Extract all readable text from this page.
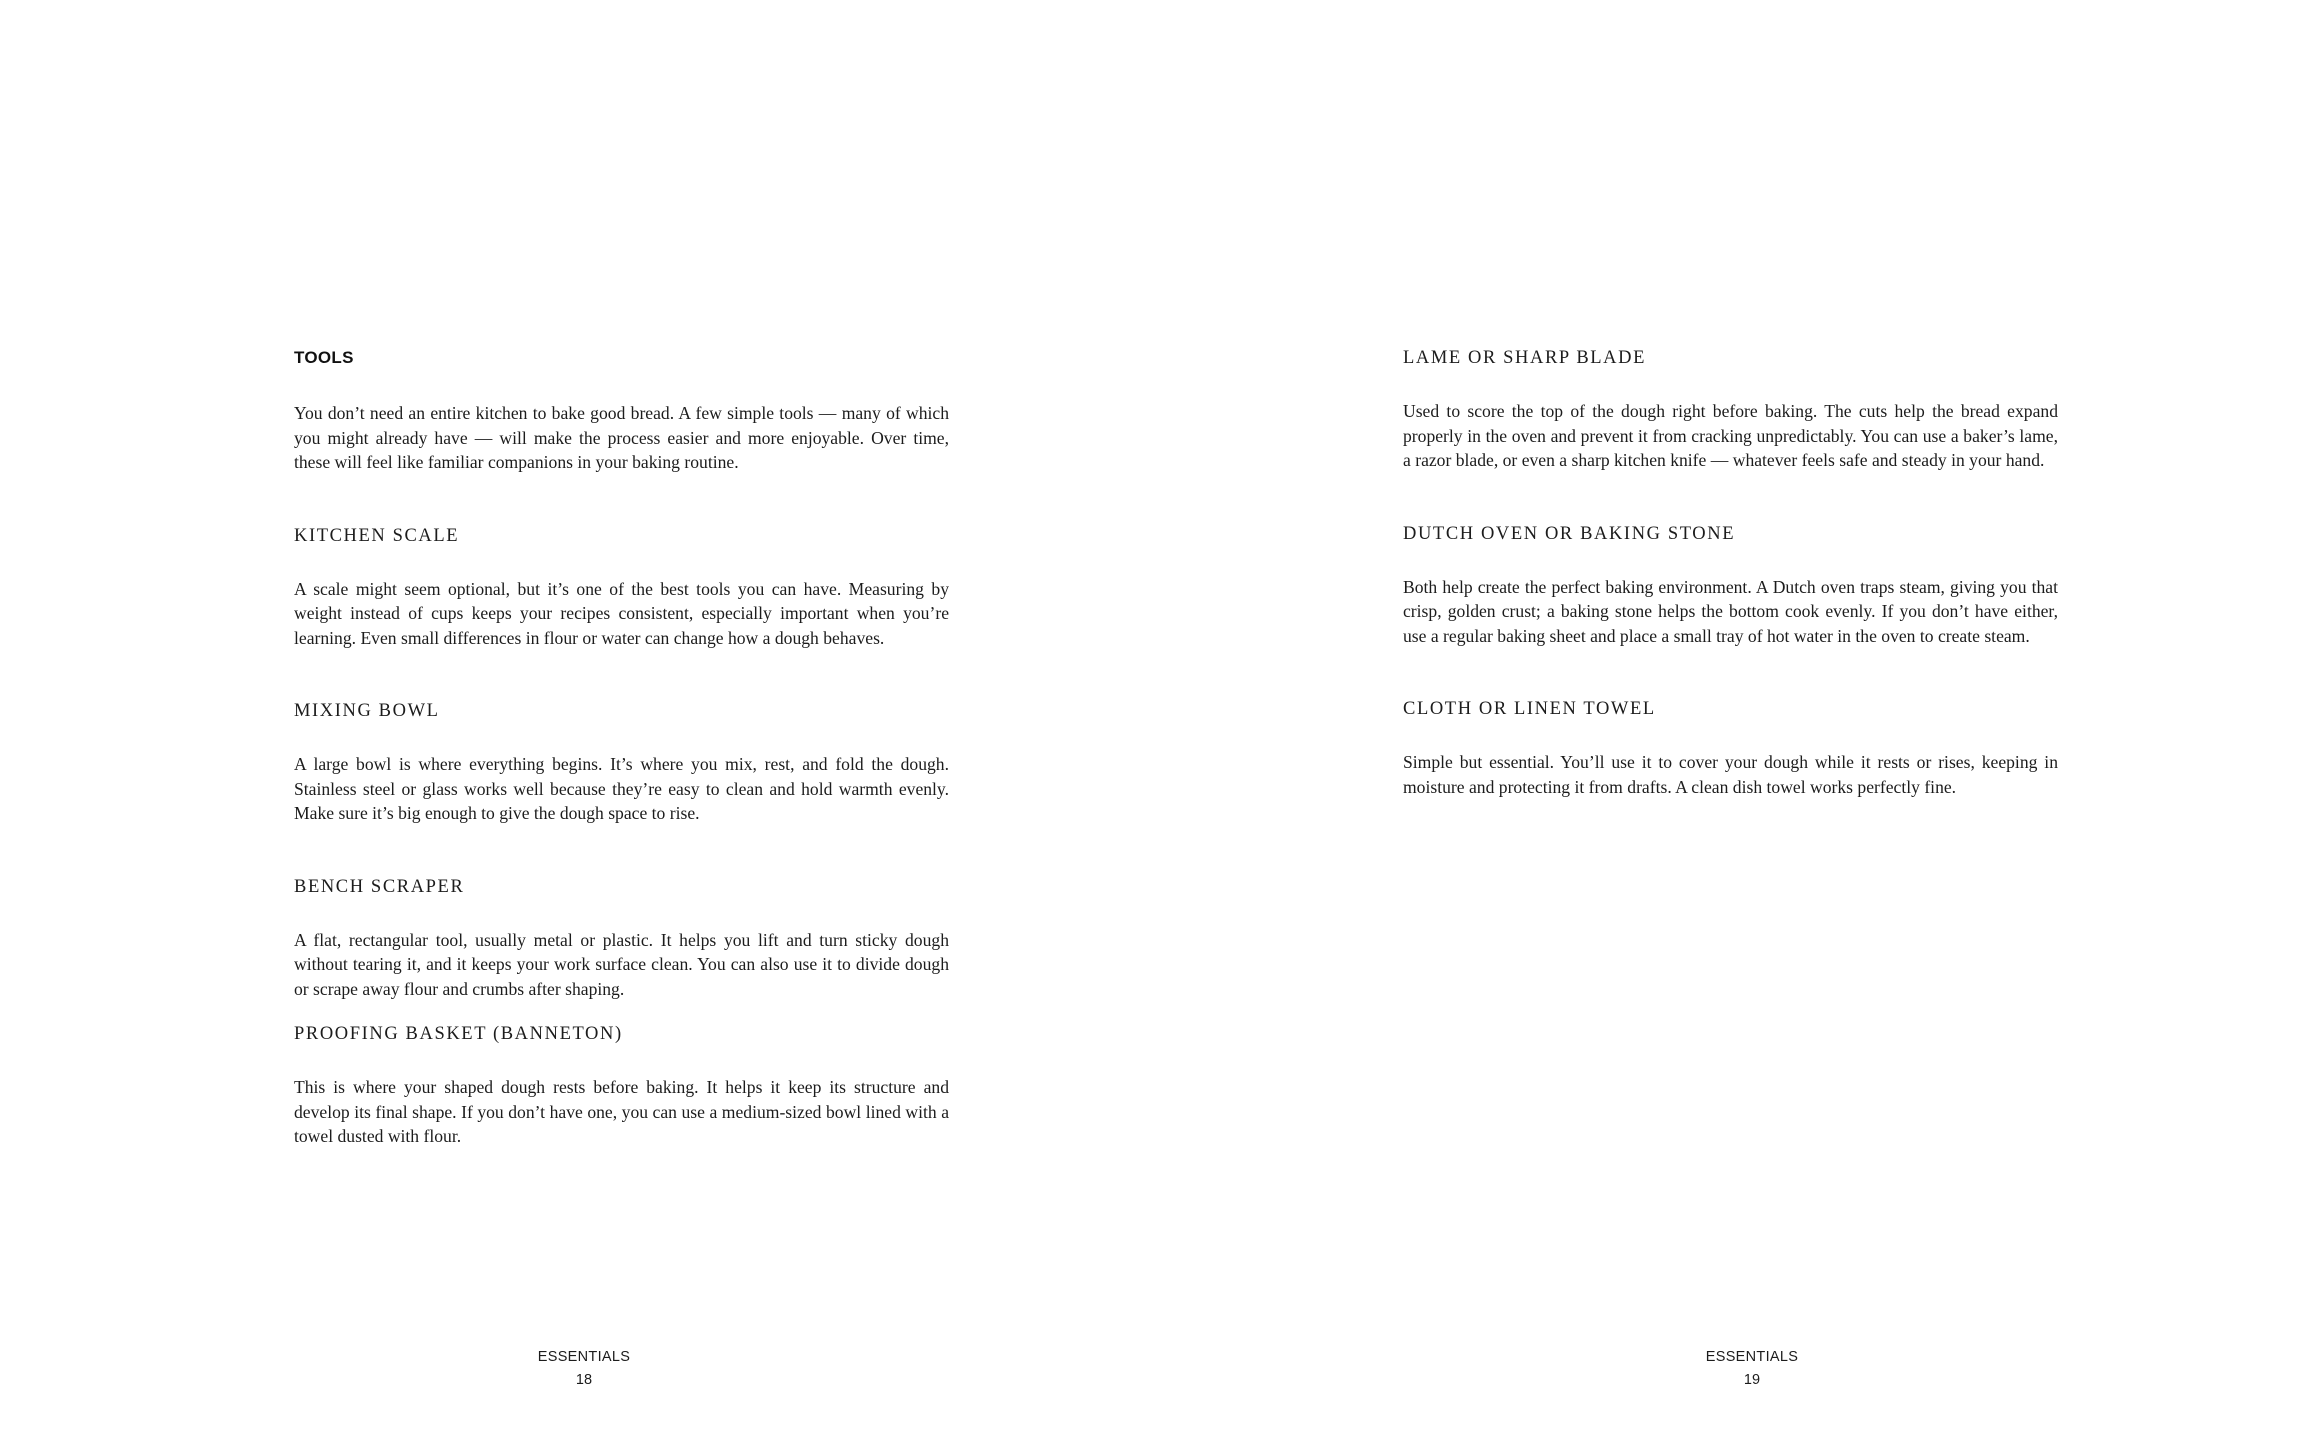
TOOLS

You don’t need an entire kitchen to bake good bread. A few simple tools — many of which you might already have — will make the process easier and more enjoyable. Over time, these will feel like familiar companions in your baking routine.

KITCHEN SCALE

A scale might seem optional, but it’s one of the best tools you can have. Measuring by weight instead of cups keeps your recipes consistent, especially important when you’re learning. Even small differences in flour or water can change how a dough behaves.

MIXING BOWL

A large bowl is where everything begins. It’s where you mix, rest, and fold the dough. Stainless steel or glass works well because they’re easy to clean and hold warmth evenly. Make sure it’s big enough to give the dough space to rise.

BENCH SCRAPER

A flat, rectangular tool, usually metal or plastic. It helps you lift and turn sticky dough without tearing it, and it keeps your work surface clean. You can also use it to divide dough or scrape away flour and crumbs after shaping.

PROOFING BASKET (BANNETON)

This is where your shaped dough rests before baking. It helps it keep its structure and develop its final shape. If you don’t have one, you can use a medium-sized bowl lined with a towel dusted with flour.

ESSENTIALS
18
LAME OR SHARP BLADE

Used to score the top of the dough right before baking. The cuts help the bread expand properly in the oven and prevent it from cracking unpredictably. You can use a baker’s lame, a razor blade, or even a sharp kitchen knife — whatever feels safe and steady in your hand.

DUTCH OVEN OR BAKING STONE

Both help create the perfect baking environment. A Dutch oven traps steam, giving you that crisp, golden crust; a baking stone helps the bottom cook evenly. If you don’t have either, use a regular baking sheet and place a small tray of hot water in the oven to create steam.

CLOTH OR LINEN TOWEL

Simple but essential. You’ll use it to cover your dough while it rests or rises, keeping in moisture and protecting it from drafts. A clean dish towel works perfectly fine.

ESSENTIALS
19
